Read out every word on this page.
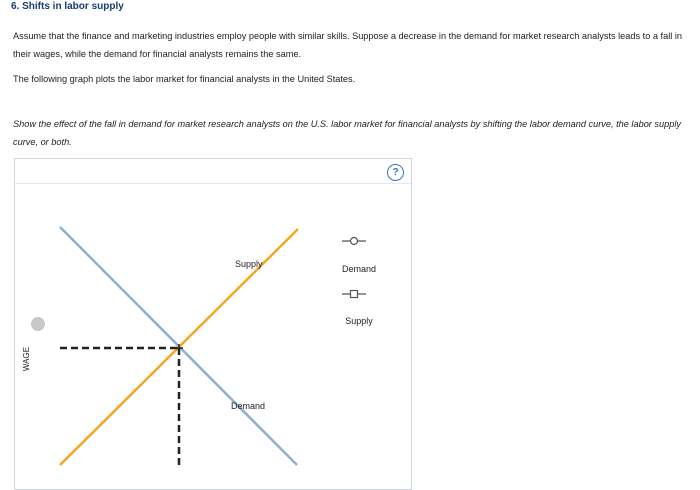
6. Shifts in labor supply

Assume that the finance and marketing industries employ people with similar skills. Suppose a decrease in the demand for market research analysts leads to a fall in their wages, while the demand for financial analysts remains the same.

The following graph plots the labor market for financial analysts in the United States.

Show the effect of the fall in demand for market research analysts on the U.S. labor market for financial analysts by shifting the labor demand curve, the labor supply curve, or both.

?
WAGE
Supply
Demand
Demand
Supply
